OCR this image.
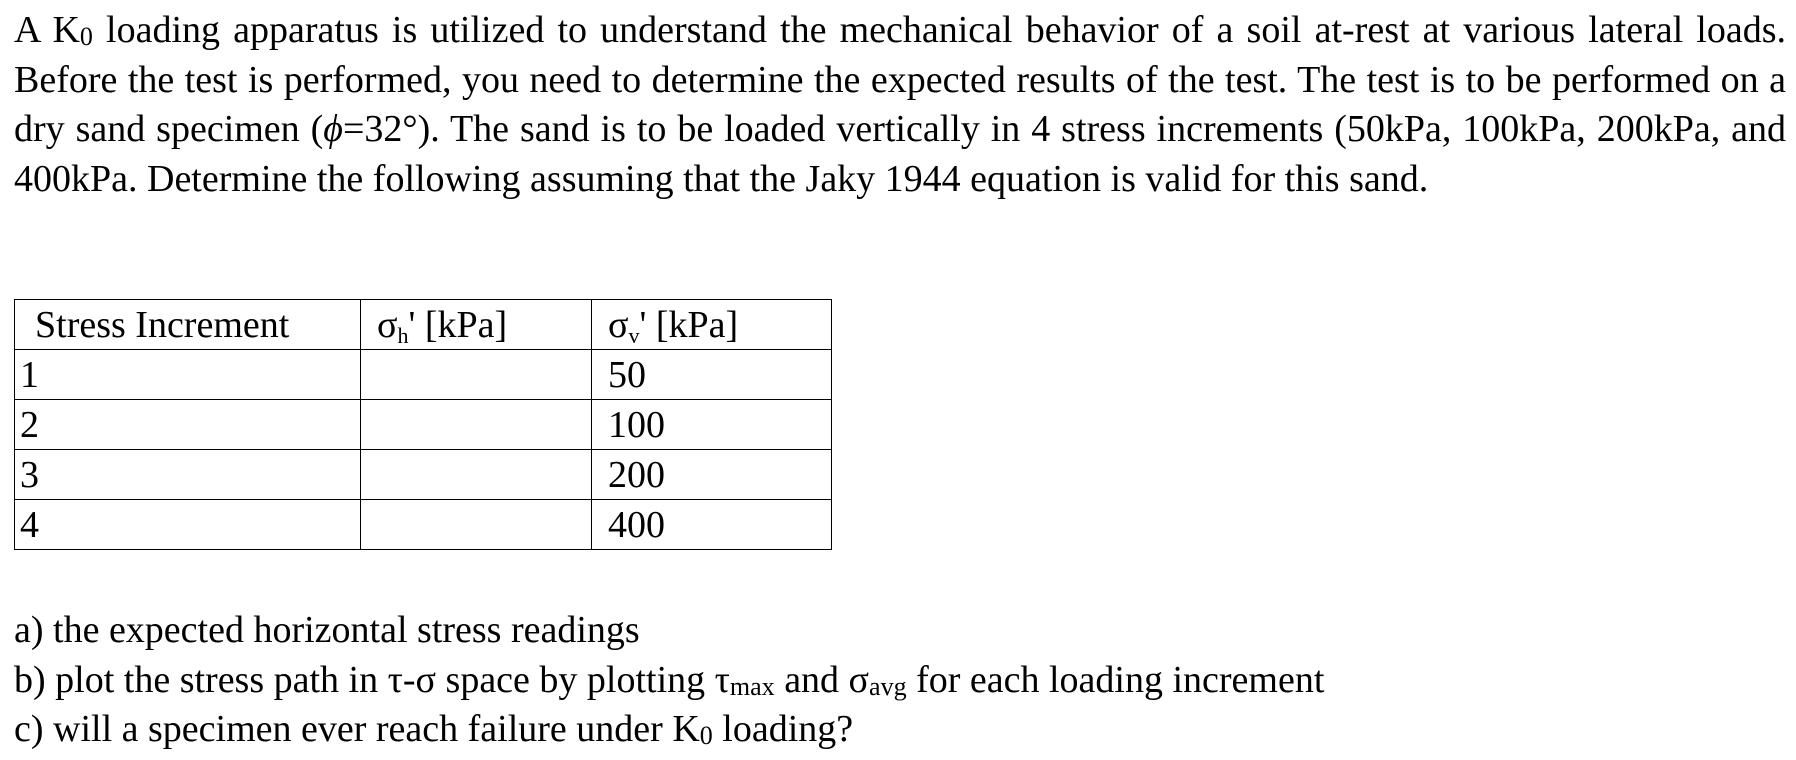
A K0 loading apparatus is utilized to understand the mechanical behavior of a soil at-rest at various lateral loads. Before the test is performed, you need to determine the expected results of the test. The test is to be performed on a dry sand specimen (ϕ=32°). The sand is to be loaded vertically in 4 stress increments (50kPa, 100kPa, 200kPa, and 400kPa. Determine the following assuming that the Jaky 1944 equation is valid for this sand.

Stress Increment	σh' [kPa]	σv' [kPa]
1		50
2		100
3		200
4		400
a) the expected horizontal stress readings
b) plot the stress path in τ-σ space by plotting τmax and σavg for each loading increment
c) will a specimen ever reach failure under K0 loading?
